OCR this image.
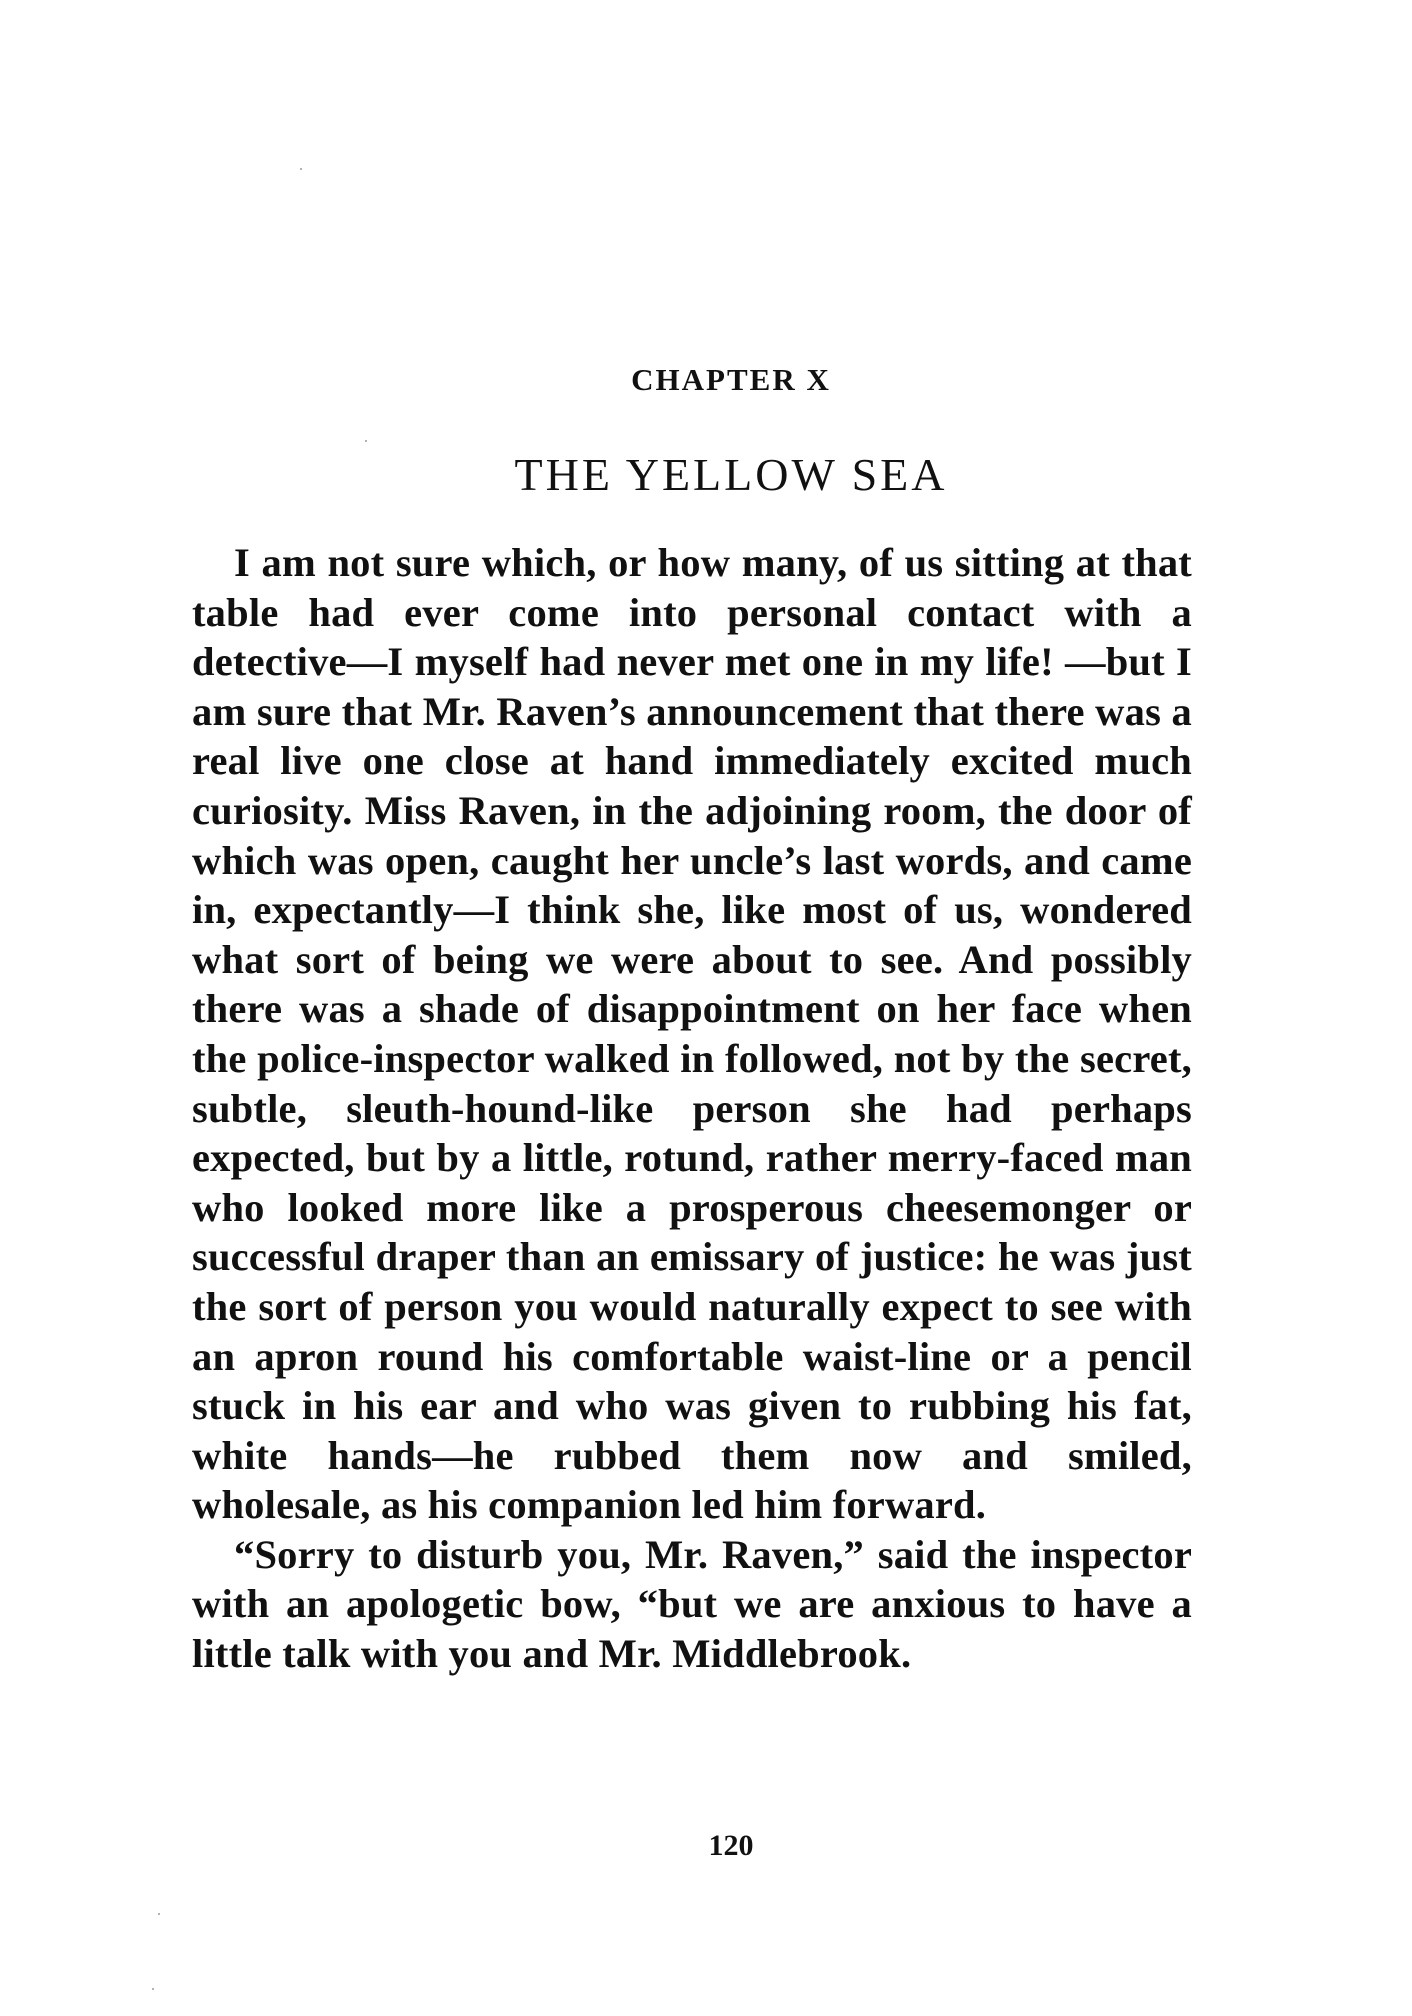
CHAPTER X
THE YELLOW SEA

I am not sure which, or how many, of us sitting at that table had ever come into personal contact with a detective—I myself had never met one in my life! —but I am sure that Mr. Raven’s announcement that there was a real live one close at hand immediately excited much curiosity. Miss Raven, in the adjoining room, the door of which was open, caught her uncle’s last words, and came in, expectantly—I think she, like most of us, wondered what sort of being we were about to see. And possibly there was a shade of disappointment on her face when the police-inspector walked in followed, not by the secret, subtle, sleuth-hound-like person she had perhaps expected, but by a little, rotund, rather merry-faced man who looked more like a prosperous cheesemonger or successful draper than an emissary of justice: he was just the sort of person you would naturally expect to see with an apron round his comfortable waist-line or a pencil stuck in his ear and who was given to rubbing his fat, white hands—he rubbed them now and smiled, wholesale, as his companion led him forward.

“Sorry to disturb you, Mr. Raven,” said the inspector with an apologetic bow, “but we are anxious to have a little talk with you and Mr. Middlebrook.

120
